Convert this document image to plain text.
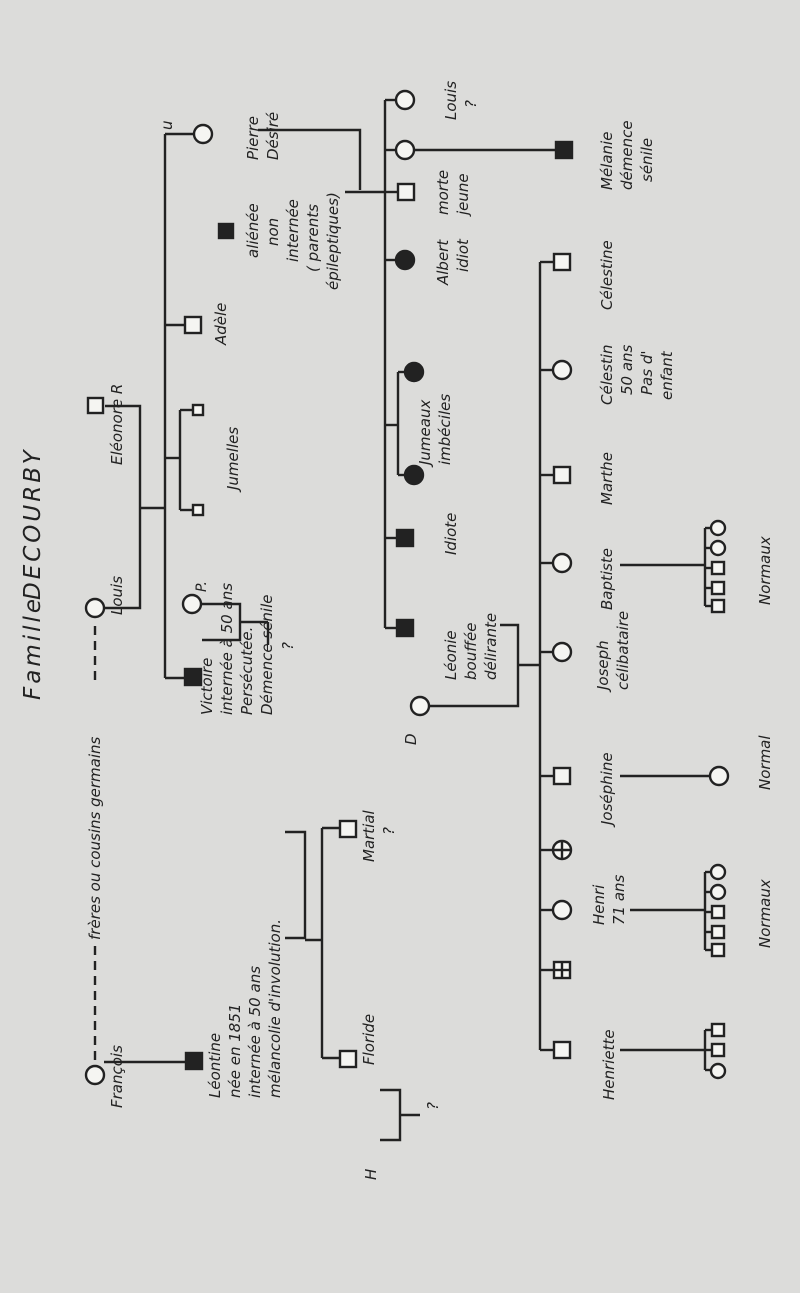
Famille
DECOURBY
François
frères ou cousins germains
Louis
Eléonore R
u
Léontine née en 1851 internée à 50 ans mélancolie d'involution.
Victoire internée à 50 ans Persécutée. Démence sénile
P.
?
Jumelles
Adèle
aliénée non internée ( parents épileptiques)
Pierre Désiré
Martial ?
Floride
?
H
Léonie bouffée délirante
Idiote
Jumeaux imbéciles
Albert idiot
morte jeune
Louis ?
D
Henriette
Henri 71 ans
Joséphine
Joseph célibataire
Baptiste
Marthe
Célestin 50 ans Pas d' enfant
Célestine
Mélanie démence sénile
Normaux
Normal
Normaux
